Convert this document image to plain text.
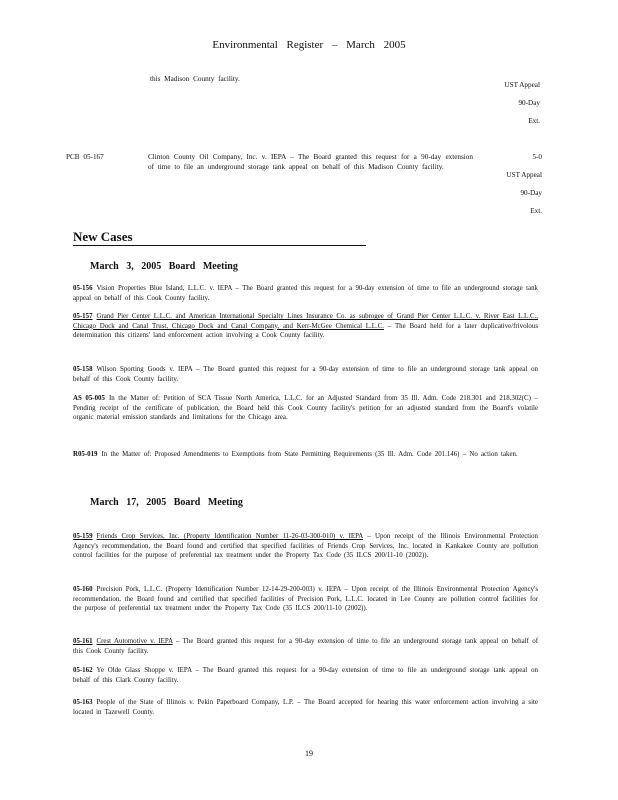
Environmental Register – March 2005
this Madison County facility.
UST Appeal
90-Day
Ext.
PCB 05-167	Clinton County Oil Company, Inc. v. IEPA – The Board granted this request for a 90-day extension of time to file an underground storage tank appeal on behalf of this Madison County facility.
5-0
UST Appeal
90-Day
Ext.
New Cases
March 3, 2005 Board Meeting
05-156 Vision Properties Blue Island, L.L.C. v. IEPA – The Board granted this request for a 90-day extension of time to file an underground storage tank appeal on behalf of this Cook County facility.
05-157 Grand Pier Center L.L.C. and American International Specialty Lines Insurance Co. as subrogee of Grand Pier Center L.L.C. v. River East L.L.C., Chicago Dock and Canal Trust, Chicago Dock and Canal Company, and Kerr-McGee Chemical L.L.C. – The Board held for a later duplicative/frivolous determination this citizens' land enforcement action involving a Cook County facility.
05-158 Wilson Sporting Goods v. IEPA – The Board granted this request for a 90-day extension of time to file an underground storage tank appeal on behalf of this Cook County facility.
AS 05-005 In the Matter of: Petition of SCA Tissue North America, L.L.C. for an Adjusted Standard from 35 Ill. Adm. Code 218.301 and 218.302(C) – Pending receipt of the certificate of publication, the Board held this Cook County facility's petition for an adjusted standard from the Board's volatile organic material emission standards and limitations for the Chicago area.
R05-019 In the Matter of: Proposed Amendments to Exemptions from State Permitting Requirements (35 Ill. Adm. Code 201.146) – No action taken.
March 17, 2005 Board Meeting
05-159 Friends Crop Services, Inc. (Property Identification Number 11-26-03-300-010) v. IEPA – Upon receipt of the Illinois Environmental Protection Agency's recommendation, the Board found and certified that specified facilities of Friends Crop Services, Inc. located in Kankakee County are pollution control facilities for the purpose of preferential tax treatment under the Property Tax Code (35 ILCS 200/11-10 (2002)).
05-160 Precision Pork, L.L.C. (Property Identification Number 12-14-29-200-003) v. IEPA – Upon receipt of the Illinois Environmental Protection Agency's recommendation, the Board found and certified that specified facilities of Precision Pork, L.L.C. located in Lee County are pollution control facilities for the purpose of preferential tax treatment under the Property Tax Code (35 ILCS 200/11-10 (2002)).
05-161 Crest Automotive v. IEPA – The Board granted this request for a 90-day extension of time to file an underground storage tank appeal on behalf of this Cook County facility.
05-162 Ye Olde Glass Shoppe v. IEPA – The Board granted this request for a 90-day extension of time to file an underground storage tank appeal on behalf of this Clark County facility.
05-163 People of the State of Illinois v. Pekin Paperboard Company, L.P. – The Board accepted for hearing this water enforcement action involving a site located in Tazewell County.
19
